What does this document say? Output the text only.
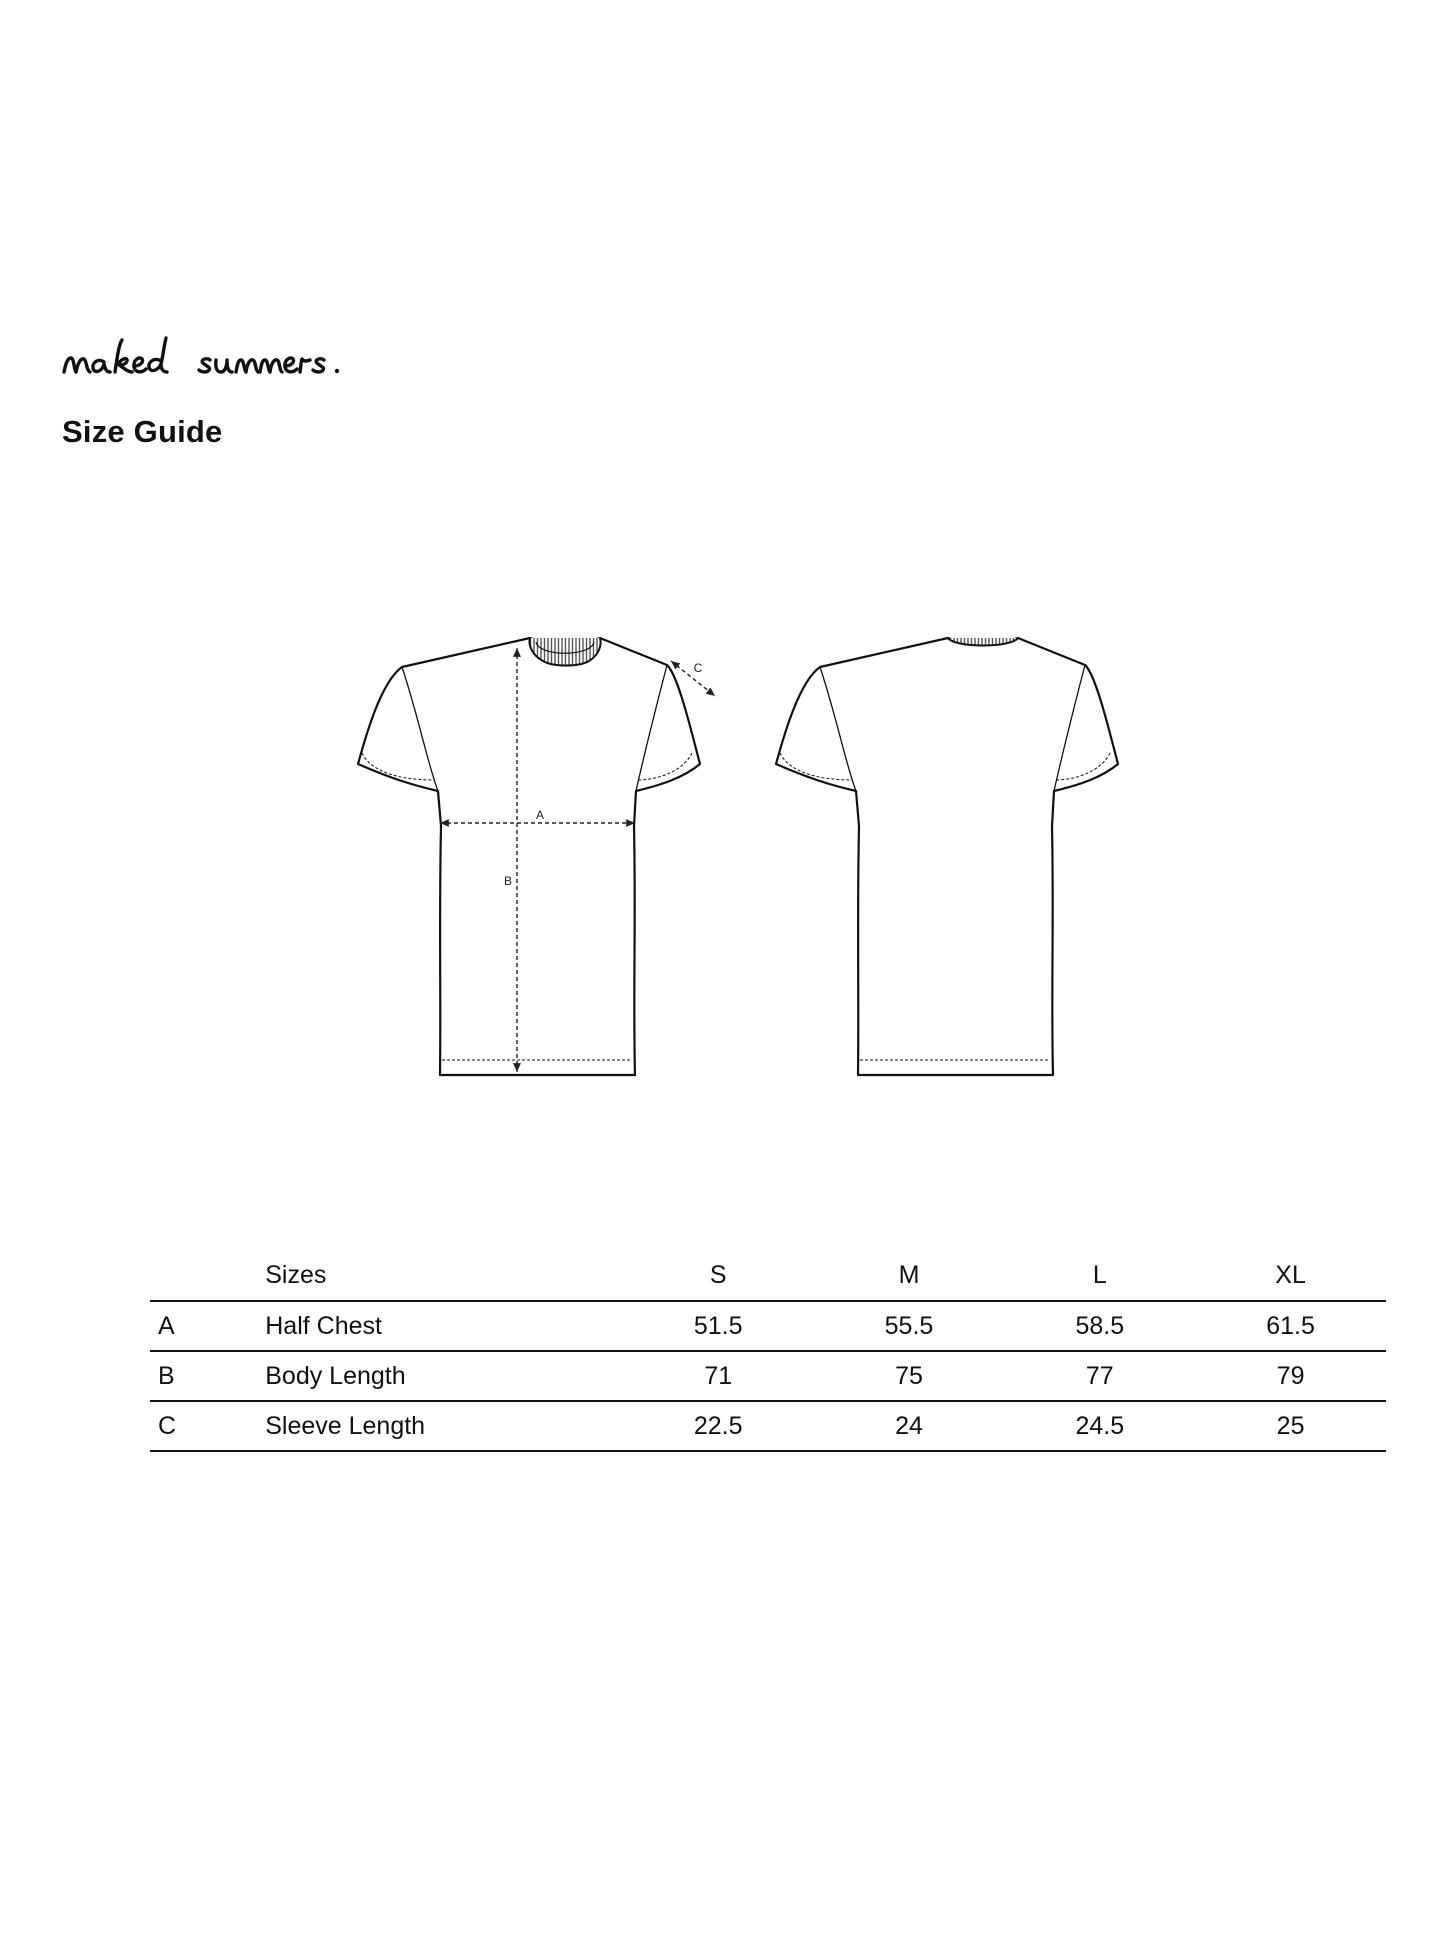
Size Guide
A
B
C
	Sizes	S	M	L	XL
A	Half Chest	51.5	55.5	58.5	61.5
B	Body Length	71	75	77	79
C	Sleeve Length	22.5	24	24.5	25
